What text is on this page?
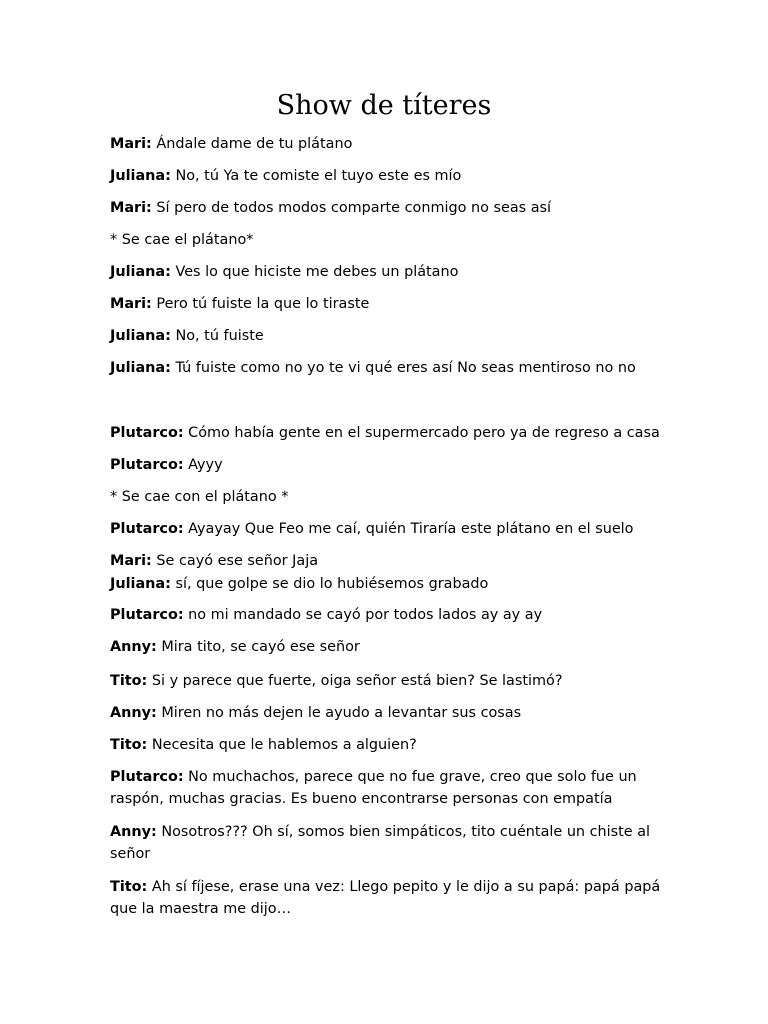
Show de títeres
Mari: Ándale dame de tu plátano
Juliana: No, tú Ya te comiste el tuyo este es mío
Mari: Sí pero de todos modos comparte conmigo no seas así
* Se cae el plátano*
Juliana: Ves lo que hiciste me debes un plátano
Mari: Pero tú fuiste la que lo tiraste
Juliana: No, tú fuiste
Juliana: Tú fuiste como no yo te vi qué eres así No seas mentiroso no no
Plutarco: Cómo había gente en el supermercado pero ya de regreso a casa
Plutarco: Ayyy
* Se cae con el plátano *
Plutarco: Ayayay Que Feo me caí, quién Tiraría este plátano en el suelo
Mari: Se cayó ese señor Jaja
Juliana: sí, que golpe se dio lo hubiésemos grabado
Plutarco: no mi mandado se cayó por todos lados ay ay ay
Anny: Mira tito, se cayó ese señor
Tito: Si y parece que fuerte, oiga señor está bien? Se lastimó?
Anny: Miren no más dejen le ayudo a levantar sus cosas
Tito: Necesita que le hablemos a alguien?
Plutarco: No muchachos, parece que no fue grave, creo que solo fue un raspón, muchas gracias. Es bueno encontrarse personas con empatía
Anny: Nosotros??? Oh sí, somos bien simpáticos, tito cuéntale un chiste al señor
Tito: Ah sí fíjese, erase una vez: Llego pepito y le dijo a su papá: papá papá que la maestra me dijo…
